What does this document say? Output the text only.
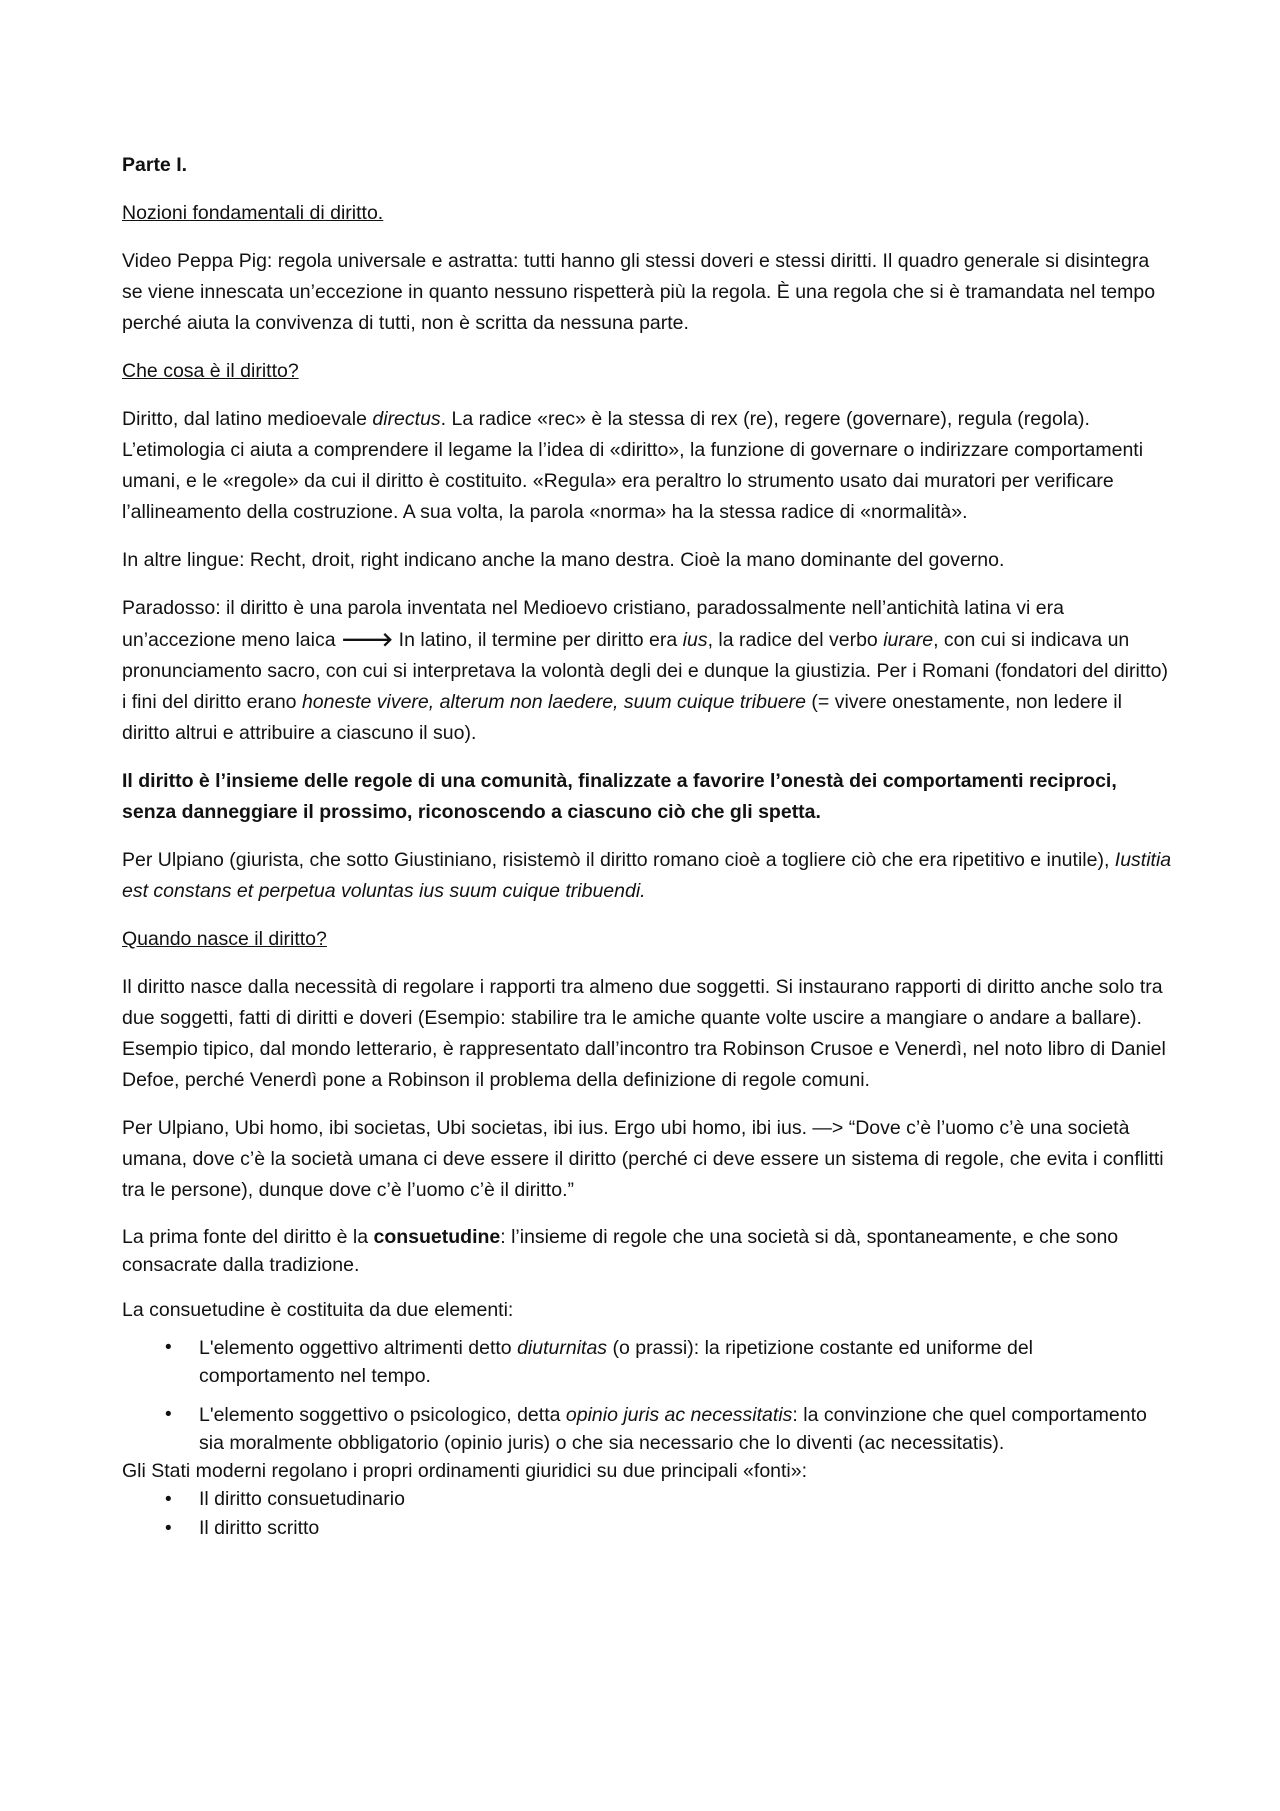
Parte I.

Nozioni fondamentali di diritto.

Video Peppa Pig: regola universale e astratta: tutti hanno gli stessi doveri e stessi diritti. Il quadro generale si disintegra se viene innescata un’eccezione in quanto nessuno rispetterà più la regola. È una regola che si è tramandata nel tempo perché aiuta la convivenza di tutti, non è scritta da nessuna parte.

Che cosa è il diritto?

Diritto, dal latino medioevale directus. La radice «rec» è la stessa di rex (re), regere (governare), regula (regola). L’etimologia ci aiuta a comprendere il legame la l’idea di «diritto», la funzione di governare o indirizzare comportamenti umani, e le «regole» da cui il diritto è costituito. «Regula» era peraltro lo strumento usato dai muratori per verificare l’allineamento della costruzione. A sua volta, la parola «norma» ha la stessa radice di «normalità».

In altre lingue: Recht, droit, right indicano anche la mano destra. Cioè la mano dominante del governo.

Paradosso: il diritto è una parola inventata nel Medioevo cristiano, paradossalmente nell’antichità latina vi era un’accezione meno laica 🡒 In latino, il termine per diritto era ius, la radice del verbo iurare, con cui si indicava un pronunciamento sacro, con cui si interpretava la volontà degli dei e dunque la giustizia. Per i Romani (fondatori del diritto) i fini del diritto erano honeste vivere, alterum non laedere, suum cuique tribuere (= vivere onestamente, non ledere il diritto altrui e attribuire a ciascuno il suo).

Il diritto è l’insieme delle regole di una comunità, finalizzate a favorire l’onestà dei comportamenti reciproci, senza danneggiare il prossimo, riconoscendo a ciascuno ciò che gli spetta.

Per Ulpiano (giurista, che sotto Giustiniano, risistemò il diritto romano cioè a togliere ciò che era ripetitivo e inutile), Iustitia est constans et perpetua voluntas ius suum cuique tribuendi.

Quando nasce il diritto?

Il diritto nasce dalla necessità di regolare i rapporti tra almeno due soggetti. Si instaurano rapporti di diritto anche solo tra due soggetti, fatti di diritti e doveri (Esempio: stabilire tra le amiche quante volte uscire a mangiare o andare a ballare). Esempio tipico, dal mondo letterario, è rappresentato dall’incontro tra Robinson Crusoe e Venerdì, nel noto libro di Daniel Defoe, perché Venerdì pone a Robinson il problema della definizione di regole comuni.

Per Ulpiano, Ubi homo, ibi societas, Ubi societas, ibi ius. Ergo ubi homo, ibi ius. —> “Dove c’è l’uomo c’è una società umana, dove c’è la società umana ci deve essere il diritto (perché ci deve essere un sistema di regole, che evita i conflitti tra le persone), dunque dove c’è l’uomo c’è il diritto.”

La prima fonte del diritto è la consuetudine: l’insieme di regole che una società si dà, spontaneamente, e che sono consacrate dalla tradizione.

La consuetudine è costituita da due elementi:

• L'elemento oggettivo altrimenti detto diuturnitas (o prassi): la ripetizione costante ed uniforme del comportamento nel tempo.
• L'elemento soggettivo o psicologico, detta opinio juris ac necessitatis: la convinzione che quel comportamento sia moralmente obbligatorio (opinio juris) o che sia necessario che lo diventi (ac necessitatis).

Gli Stati moderni regolano i propri ordinamenti giuridici su due principali «fonti»:

• Il diritto consuetudinario
• Il diritto scritto
